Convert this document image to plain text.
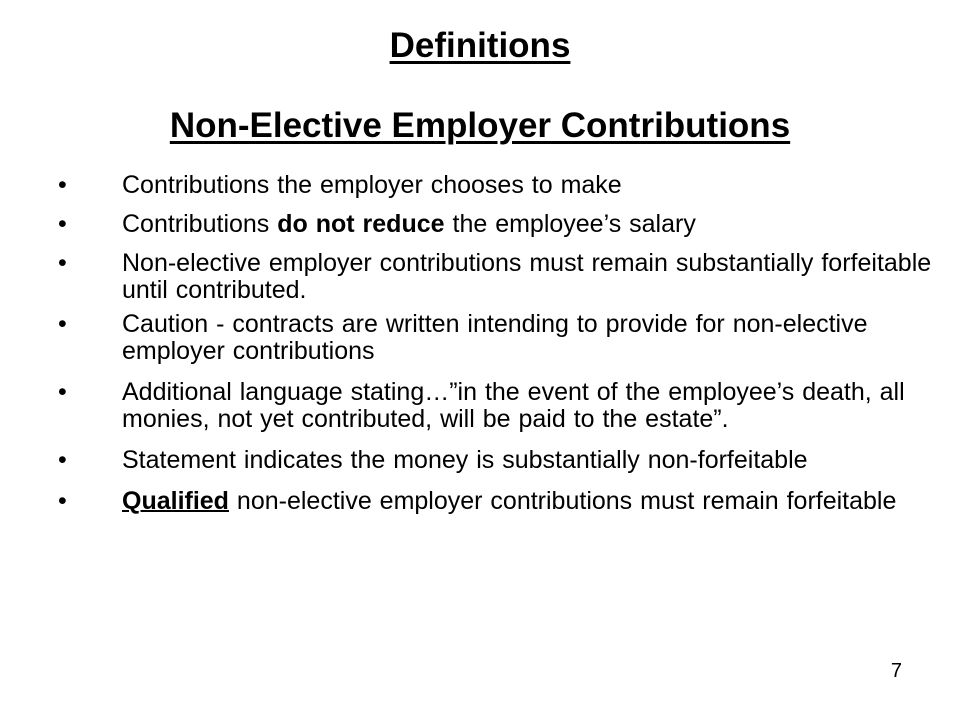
Definitions
Non-Elective Employer Contributions
• Contributions the employer chooses to make
• Contributions do not reduce the employee’s salary
• Non-elective employer contributions must remain substantially forfeitable until contributed.
• Caution - contracts are written intending to provide for non-elective employer contributions
• Additional language stating…”in the event of the employee’s death, all monies, not yet contributed, will be paid to the estate”.
• Statement indicates the money is substantially non-forfeitable
• Qualified non-elective employer contributions must remain forfeitable
7
